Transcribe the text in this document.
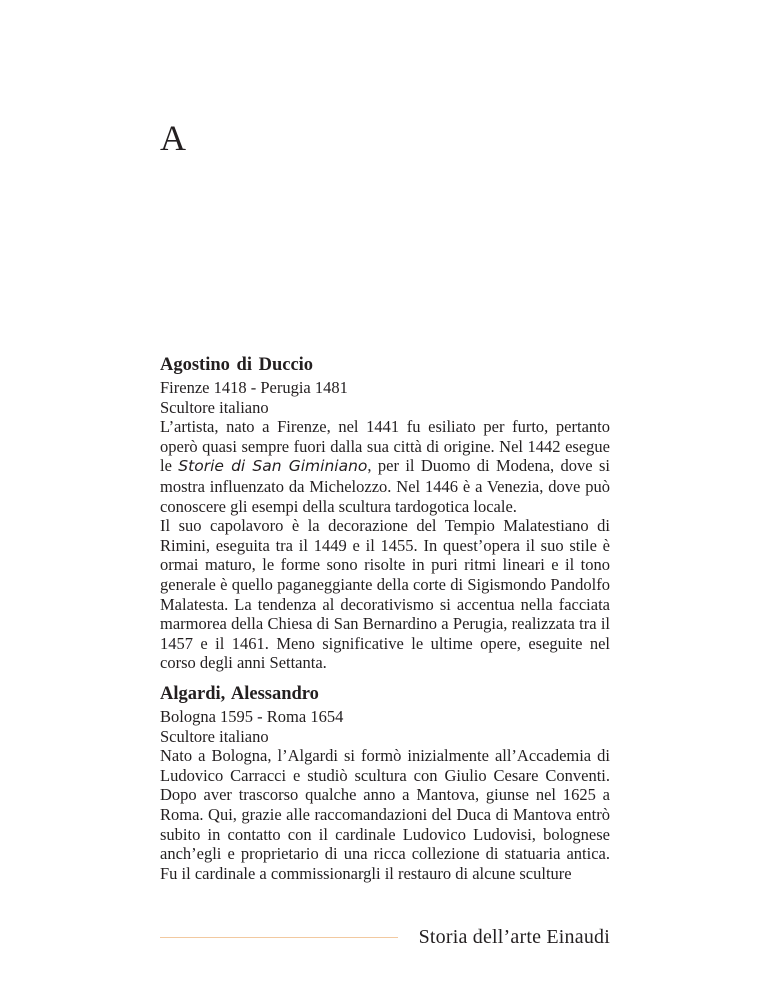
A
Agostino di Duccio
Firenze 1418 - Perugia 1481
Scultore italiano

L’artista, nato a Firenze, nel 1441 fu esiliato per furto, pertanto operò quasi sempre fuori dalla sua città di origine. Nel 1442 esegue le Storie di San Giminiano, per il Duomo di Modena, dove si mostra influenzato da Michelozzo. Nel 1446 è a Venezia, dove può conoscere gli esempi della scultura tardogotica locale.

Il suo capolavoro è la decorazione del Tempio Malatestiano di Rimini, eseguita tra il 1449 e il 1455. In quest’opera il suo stile è ormai maturo, le forme sono risolte in puri ritmi lineari e il tono generale è quello paganeggiante della corte di Sigismondo Pandolfo Malatesta. La tendenza al decorativismo si accentua nella facciata marmorea della Chiesa di San Bernardino a Perugia, realizzata tra il 1457 e il 1461. Meno significative le ultime opere, eseguite nel corso degli anni Settanta.

Algardi, Alessandro
Bologna 1595 - Roma 1654
Scultore italiano

Nato a Bologna, l’Algardi si formò inizialmente all’Accademia di Ludovico Carracci e studiò scultura con Giulio Cesare Conventi. Dopo aver trascorso qualche anno a Mantova, giunse nel 1625 a Roma. Qui, grazie alle raccomandazioni del Duca di Mantova entrò subito in contatto con il cardinale Ludovico Ludovisi, bolognese anch’egli e proprietario di una ricca collezione di statuaria antica. Fu il cardinale a commissionargli il restauro di alcune sculture

Storia dell’arte Einaudi
